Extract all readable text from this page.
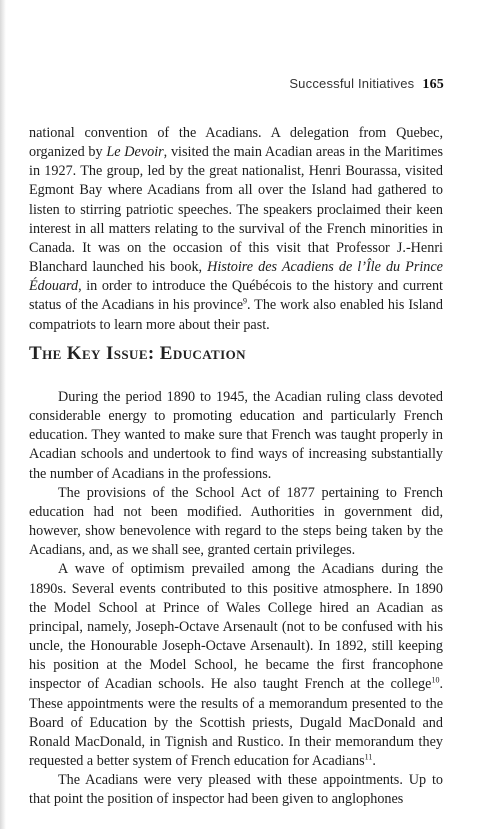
Successful Initiatives 165

national convention of the Acadians. A delegation from Quebec, organized by Le Devoir, visited the main Acadian areas in the Maritimes in 1927. The group, led by the great nationalist, Henri Bourassa, visited Egmont Bay where Acadians from all over the Island had gathered to listen to stirring patriotic speeches. The speakers proclaimed their keen interest in all matters relating to the survival of the French minorities in Canada. It was on the occasion of this visit that Professor J.-Henri Blanchard launched his book, Histoire des Acadiens de l’Île du Prince Édouard, in order to introduce the Québécois to the history and current status of the Acadians in his province$^9$. The work also enabled his Island compatriots to learn more about their past.

The Key Issue: Education

During the period 1890 to 1945, the Acadian ruling class devoted considerable energy to promoting education and particularly French education. They wanted to make sure that French was taught properly in Acadian schools and undertook to find ways of increasing substantially the number of Acadians in the professions.

The provisions of the School Act of 1877 pertaining to French education had not been modified. Authorities in government did, however, show benevolence with regard to the steps being taken by the Acadians, and, as we shall see, granted certain privileges.

A wave of optimism prevailed among the Acadians during the 1890s. Several events contributed to this positive atmosphere. In 1890 the Model School at Prince of Wales College hired an Acadian as principal, namely, Joseph-Octave Arsenault (not to be confused with his uncle, the Honourable Joseph-Octave Arsenault). In 1892, still keeping his position at the Model School, he became the first francophone inspector of Acadian schools. He also taught French at the college$^{10}$. These appointments were the results of a memorandum presented to the Board of Education by the Scottish priests, Dugald MacDonald and Ronald MacDonald, in Tignish and Rustico. In their memorandum they requested a better system of French education for Acadians$^{11}$.

The Acadians were very pleased with these appointments. Up to that point the position of inspector had been given to anglophones
